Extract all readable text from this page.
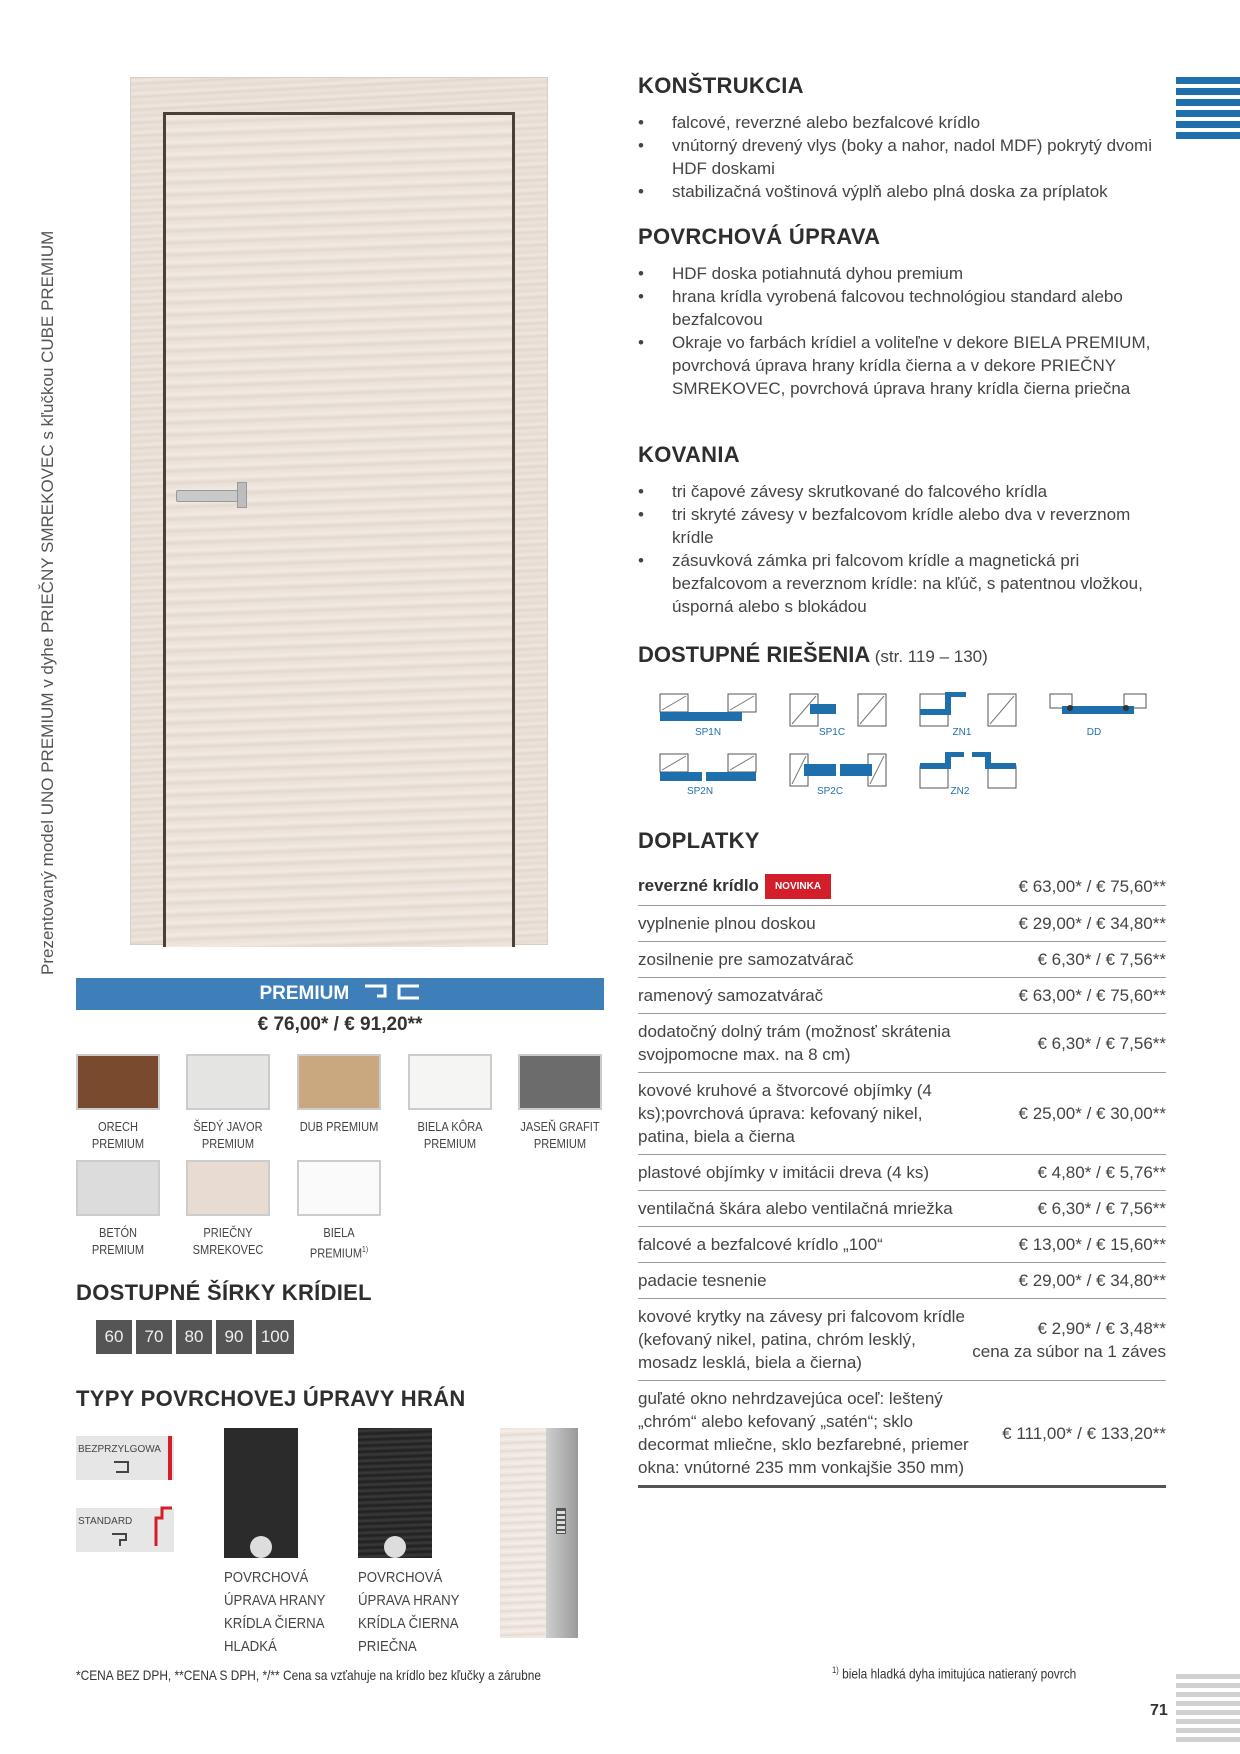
Prezentovaný model UNO PREMIUM v dyhe PRIEČNY SMREKOVEC s kľučkou CUBE PREMIUM
KONŠTRUKCIA
• falcové, reverzné alebo bezfalcové krídlo
• vnútorný drevený vlys (boky a nahor, nadol MDF) pokrytý dvomi HDF doskami
• stabilizačná voštinová výplň alebo plná doska za príplatok
POVRCHOVÁ ÚPRAVA
• HDF doska potiahnutá dyhou premium
• hrana krídla vyrobená falcovou technológiou standard alebo bezfalcovou
• Okraje vo farbách krídiel a voliteľne v dekore BIELA PREMIUM, povrchová úprava hrany krídla čierna a v dekore PRIEČNY SMREKOVEC, povrchová úprava hrany krídla čierna priečna
KOVANIA
• tri čapové závesy skrutkované do falcového krídla
• tri skryté závesy v bezfalcovom krídle alebo dva v reverznom krídle
• zásuvková zámka pri falcovom krídle a magnetická pri bezfalcovom a reverznom krídle: na kľúč, s patentnou vložkou, úsporná alebo s blokádou
DOSTUPNÉ RIEŠENIA (str. 119 – 130)
SP1N	SP1C	ZN1	DD
SP2N	SP2C	ZN2
DOPLATKY
reverzné krídlo NOVINKA	€ 63,00* / € 75,60**
vyplnenie plnou doskou	€ 29,00* / € 34,80**
zosilnenie pre samozatvárač	€ 6,30* / € 7,56**
ramenový samozatvárač	€ 63,00* / € 75,60**
dodatočný dolný trám (možnosť skrátenia svojpomocne max. na 8 cm)
€ 6,30* / € 7,56**
kovové kruhové a štvorcové objímky (4 ks);povrchová úprava: kefovaný nikel, patina, biela a čierna
€ 25,00* / € 30,00**
plastové objímky v imitácii dreva (4 ks)	€ 4,80* / € 5,76**
ventilačná škára alebo ventilačná mriežka	€ 6,30* / € 7,56**
falcové a bezfalcové krídlo „100“	€ 13,00* / € 15,60**
padacie tesnenie	€ 29,00* / € 34,80**
kovové krytky na závesy pri falcovom krídle (kefovaný nikel, patina, chróm lesklý, mosadz lesklá, biela a čierna)
€ 2,90* / € 3,48**
cena za súbor na 1 záves
guľaté okno nehrdzavejúca oceľ: leštený „chróm“ alebo kefovaný „satén“; sklo decormat mliečne, sklo bezfarebné, priemer okna: vnútorné 235 mm vonkajšie 350 mm)
€ 111,00* / € 133,20**
PREMIUM
€ 76,00* / € 91,20**
ORECH PREMIUM
ŠEDÝ JAVOR PREMIUM
DUB PREMIUM	BIELA KÔRA PREMIUM
JASEŇ GRAFIT PREMIUM
BETÓN PREMIUM
PRIEČNY SMREKOVEC
BIELA PREMIUM$^{1)}$
DOSTUPNÉ ŠÍRKY KRÍDIEL
60	70	80	90	100
TYPY POVRCHOVEJ ÚPRAVY HRÁN
BEZPRZYLGOWA
STANDARD
POVRCHOVÁ ÚPRAVA HRANY KRÍDLA ČIERNA HLADKÁ
POVRCHOVÁ ÚPRAVA HRANY KRÍDLA ČIERNA PRIEČNA
*CENA BEZ DPH, **CENA S DPH, */** Cena sa vzťahuje na krídlo bez kľučky a zárubne	$^{1)}$ biela hladká dyha imitujúca natieraný povrch
71
